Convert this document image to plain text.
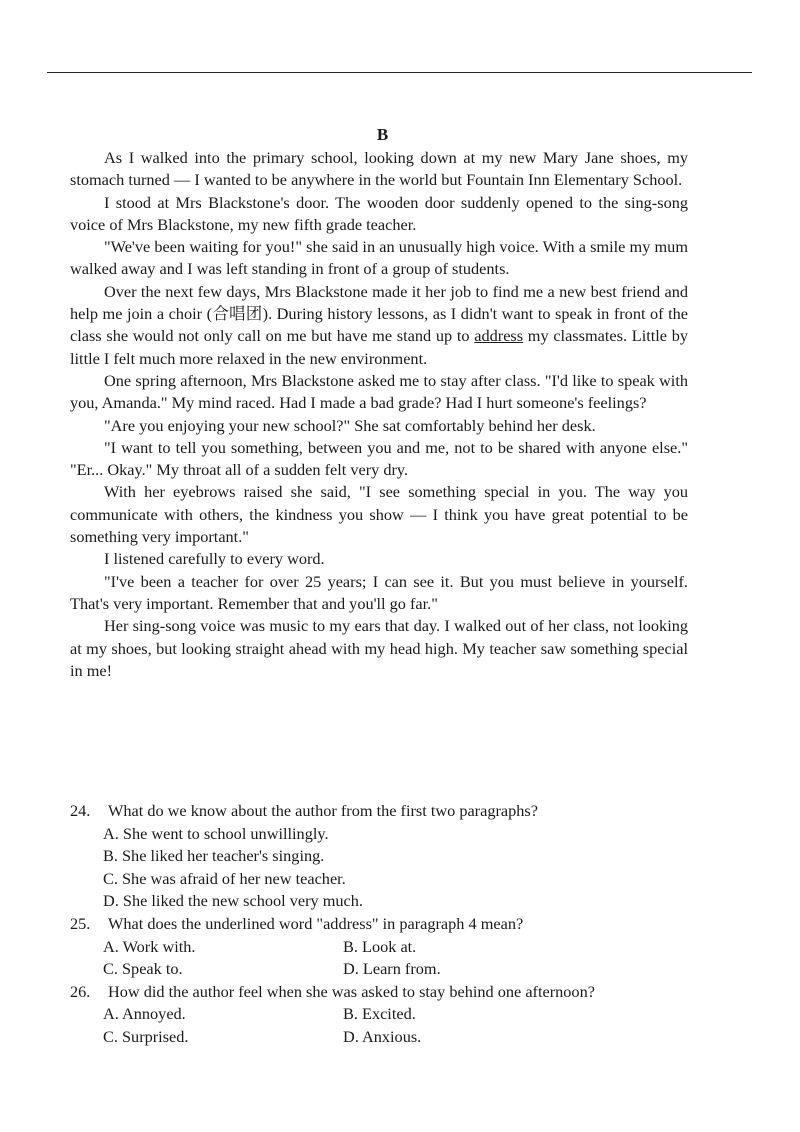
B

As I walked into the primary school, looking down at my new Mary Jane shoes, my stomach turned — I wanted to be anywhere in the world but Fountain Inn Elementary School.

I stood at Mrs Blackstone's door. The wooden door suddenly opened to the sing-song voice of Mrs Blackstone, my new fifth grade teacher.

"We've been waiting for you!" she said in an unusually high voice. With a smile my mum walked away and I was left standing in front of a group of students.

Over the next few days, Mrs Blackstone made it her job to find me a new best friend and help me join a choir (合唱团). During history lessons, as I didn't want to speak in front of the class she would not only call on me but have me stand up to address my classmates. Little by little I felt much more relaxed in the new environment.

One spring afternoon, Mrs Blackstone asked me to stay after class. "I'd like to speak with you, Amanda." My mind raced. Had I made a bad grade? Had I hurt someone's feelings?

"Are you enjoying your new school?" She sat comfortably behind her desk.

"I want to tell you something, between you and me, not to be shared with anyone else." "Er... Okay." My throat all of a sudden felt very dry.

With her eyebrows raised she said, "I see something special in you. The way you communicate with others, the kindness you show — I think you have great potential to be something very important."

I listened carefully to every word.

"I've been a teacher for over 25 years; I can see it. But you must believe in yourself. That's very important. Remember that and you'll go far."

Her sing-song voice was music to my ears that day. I walked out of her class, not looking at my shoes, but looking straight ahead with my head high. My teacher saw something special in me!

24. What do we know about the author from the first two paragraphs?
A. She went to school unwillingly.
B. She liked her teacher's singing.
C. She was afraid of her new teacher.
D. She liked the new school very much.
25. What does the underlined word "address" in paragraph 4 mean?
A. Work with.	B. Look at.
C. Speak to.	D. Learn from.
26. How did the author feel when she was asked to stay behind one afternoon?
A. Annoyed.	B. Excited.
C. Surprised.	D. Anxious.
